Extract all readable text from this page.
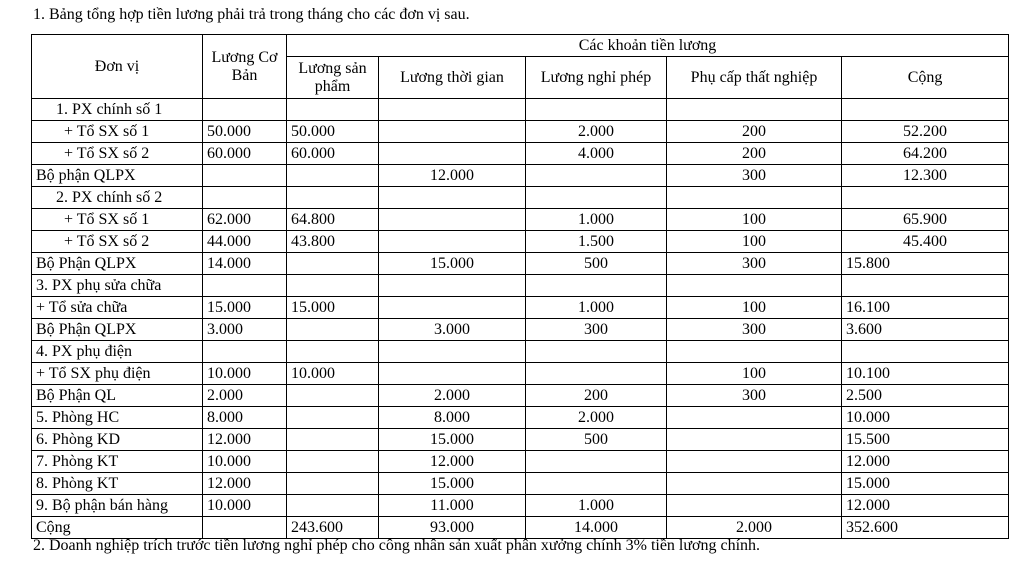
1. Bảng tổng hợp tiền lương phải trả trong tháng cho các đơn vị sau.
Đơn vị	Lương Cơ Bản	Các khoản tiền lương				
		Lương sản phẩm	Lương thời gian	Lương nghỉ phép	Phụ cấp thất nghiệp	Cộng

1. PX chính số 1						
+ Tổ SX số 1	50.000	50.000		2.000	200	52.200
+ Tổ SX số 2	60.000	60.000		4.000	200	64.200
Bộ phận QLPX			12.000		300	12.300
2. PX chính số 2						
+ Tổ SX số 1	62.000	64.800		1.000	100	65.900
+ Tổ SX số 2	44.000	43.800		1.500	100	45.400
Bộ Phận QLPX	14.000		15.000	500	300	15.800
3. PX phụ sửa chữa						
+ Tổ sửa chữa	15.000	15.000		1.000	100	16.100
Bộ Phận QLPX	3.000		3.000	300	300	3.600
4. PX phụ điện						
+ Tổ SX phụ điện	10.000	10.000			100	10.100
Bộ Phận QL	2.000		2.000	200	300	2.500
5. Phòng HC	8.000		8.000	2.000		10.000
6. Phòng KD	12.000		15.000	500		15.500
7. Phòng KT	10.000		12.000			12.000
8. Phòng KT	12.000		15.000			15.000
9. Bộ phận bán hàng	10.000		11.000	1.000		12.000
Cộng		243.600	93.000	14.000	2.000	352.600
2. Doanh nghiệp trích trước tiền lương nghỉ phép cho công nhân sản xuất phân xưởng chính 3% tiền lương chính.
